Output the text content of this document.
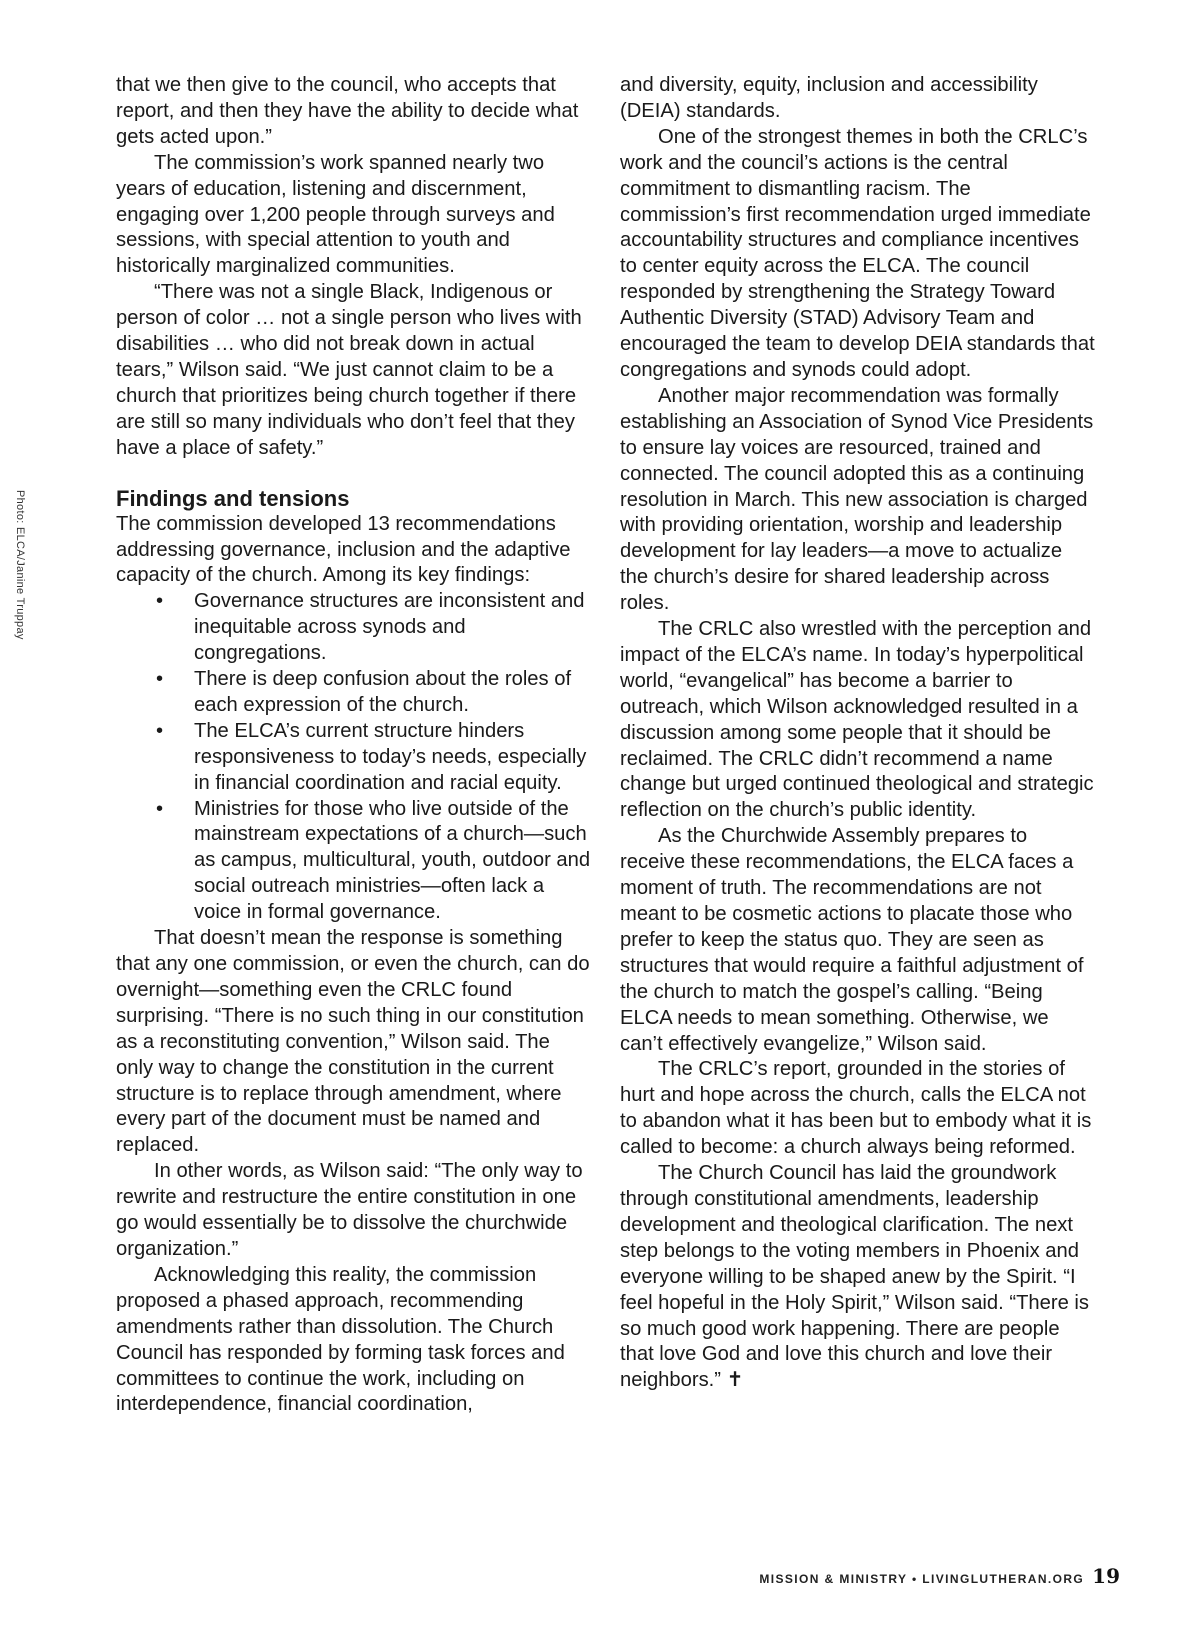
Photo: ELCA/Janine Truppay

that we then give to the council, who accepts that report, and then they have the ability to decide what gets acted upon.”

The commission’s work spanned nearly two years of education, listening and discernment, engaging over 1,200 people through surveys and sessions, with special attention to youth and historically marginalized communities.

“There was not a single Black, Indigenous or person of color … not a single person who lives with disabilities … who did not break down in actual tears,” Wilson said. “We just cannot claim to be a church that prioritizes being church together if there are still so many individuals who don’t feel that they have a place of safety.”

Findings and tensions

The commission developed 13 recommendations addressing governance, inclusion and the adaptive capacity of the church. Among its key findings:

• Governance structures are inconsistent and inequitable across synods and congregations.
• There is deep confusion about the roles of each expression of the church.
• The ELCA’s current structure hinders responsiveness to today’s needs, especially in financial coordination and racial equity.
• Ministries for those who live outside of the mainstream expectations of a church—such as campus, multicultural, youth, outdoor and social outreach ministries—often lack a voice in formal governance.

That doesn’t mean the response is something that any one commission, or even the church, can do overnight—something even the CRLC found surprising. “There is no such thing in our constitution as a reconstituting convention,” Wilson said. The only way to change the constitution in the current structure is to replace through amendment, where every part of the document must be named and replaced.

In other words, as Wilson said: “The only way to rewrite and restructure the entire constitution in one go would essentially be to dissolve the churchwide organization.”

Acknowledging this reality, the commission proposed a phased approach, recommending amendments rather than dissolution. The Church Council has responded by forming task forces and committees to continue the work, including on interdependence, financial coordination,

and diversity, equity, inclusion and accessibility (DEIA) standards.

One of the strongest themes in both the CRLC’s work and the council’s actions is the central commitment to dismantling racism. The commission’s first recommendation urged immediate accountability structures and compliance incentives to center equity across the ELCA. The council responded by strengthening the Strategy Toward Authentic Diversity (STAD) Advisory Team and encouraged the team to develop DEIA standards that congregations and synods could adopt.

Another major recommendation was formally establishing an Association of Synod Vice Presidents to ensure lay voices are resourced, trained and connected. The council adopted this as a continuing resolution in March. This new association is charged with providing orientation, worship and leadership development for lay leaders—a move to actualize the church’s desire for shared leadership across roles.

The CRLC also wrestled with the perception and impact of the ELCA’s name. In today’s hyperpolitical world, “evangelical” has become a barrier to outreach, which Wilson acknowledged resulted in a discussion among some people that it should be reclaimed. The CRLC didn’t recommend a name change but urged continued theological and strategic reflection on the church’s public identity.

As the Churchwide Assembly prepares to receive these recommendations, the ELCA faces a moment of truth. The recommendations are not meant to be cosmetic actions to placate those who prefer to keep the status quo. They are seen as structures that would require a faithful adjustment of the church to match the gospel’s calling. “Being ELCA needs to mean something. Otherwise, we can’t effectively evangelize,” Wilson said.

The CRLC’s report, grounded in the stories of hurt and hope across the church, calls the ELCA not to abandon what it has been but to embody what it is called to become: a church always being reformed.

The Church Council has laid the groundwork through constitutional amendments, leadership development and theological clarification. The next step belongs to the voting members in Phoenix and everyone willing to be shaped anew by the Spirit. “I feel hopeful in the Holy Spirit,” Wilson said. “There is so much good work happening. There are people that love God and love this church and love their neighbors.” ✝

MISSION & MINISTRY • LIVINGLUTHERAN.ORG 19
